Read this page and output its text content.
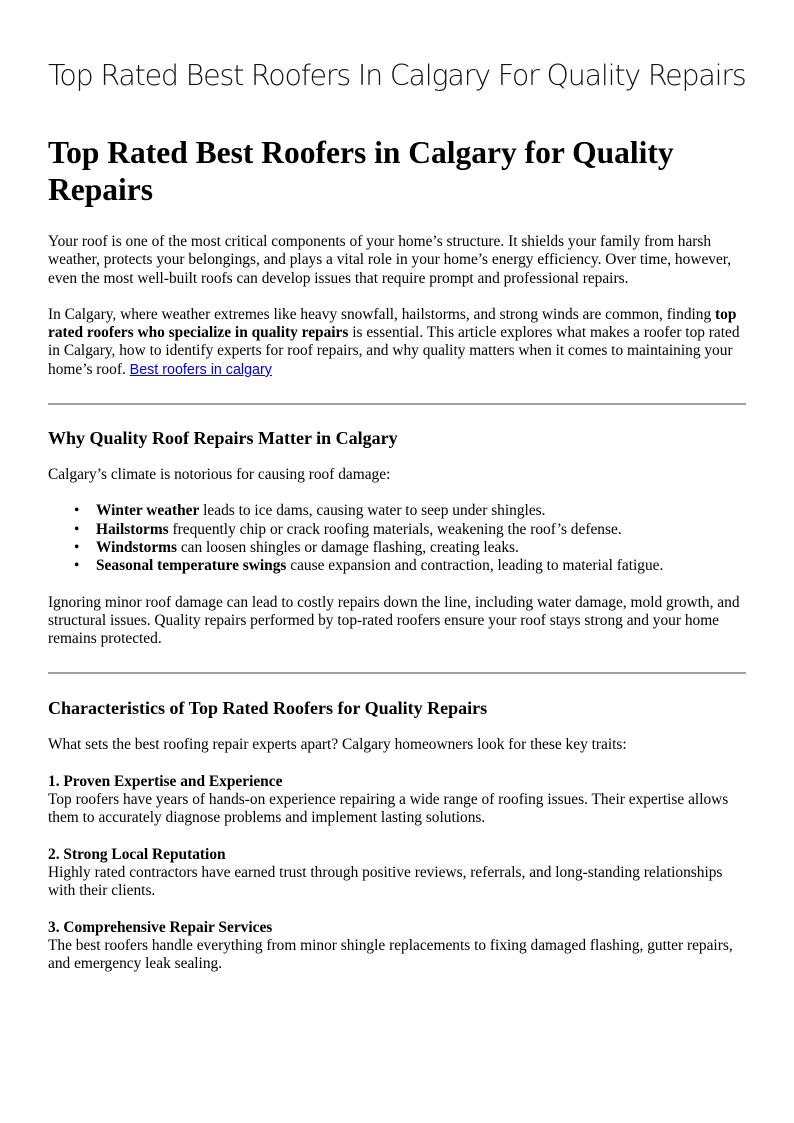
Top Rated Best Roofers In Calgary For Quality Repairs
Top Rated Best Roofers in Calgary for Quality Repairs

Your roof is one of the most critical components of your home’s structure. It shields your family from harsh weather, protects your belongings, and plays a vital role in your home’s energy efficiency. Over time, however, even the most well-built roofs can develop issues that require prompt and professional repairs.

In Calgary, where weather extremes like heavy snowfall, hailstorms, and strong winds are common, finding top rated roofers who specialize in quality repairs is essential. This article explores what makes a roofer top rated in Calgary, how to identify experts for roof repairs, and why quality matters when it comes to maintaining your home’s roof. Best roofers in calgary

Why Quality Roof Repairs Matter in Calgary

Calgary’s climate is notorious for causing roof damage:

• Winter weather leads to ice dams, causing water to seep under shingles.
• Hailstorms frequently chip or crack roofing materials, weakening the roof’s defense.
• Windstorms can loosen shingles or damage flashing, creating leaks.
• Seasonal temperature swings cause expansion and contraction, leading to material fatigue.

Ignoring minor roof damage can lead to costly repairs down the line, including water damage, mold growth, and structural issues. Quality repairs performed by top-rated roofers ensure your roof stays strong and your home remains protected.

Characteristics of Top Rated Roofers for Quality Repairs

What sets the best roofing repair experts apart? Calgary homeowners look for these key traits:

1. Proven Expertise and Experience
Top roofers have years of hands-on experience repairing a wide range of roofing issues. Their expertise allows them to accurately diagnose problems and implement lasting solutions.

2. Strong Local Reputation
Highly rated contractors have earned trust through positive reviews, referrals, and long-standing relationships with their clients.

3. Comprehensive Repair Services
The best roofers handle everything from minor shingle replacements to fixing damaged flashing, gutter repairs, and emergency leak sealing.
